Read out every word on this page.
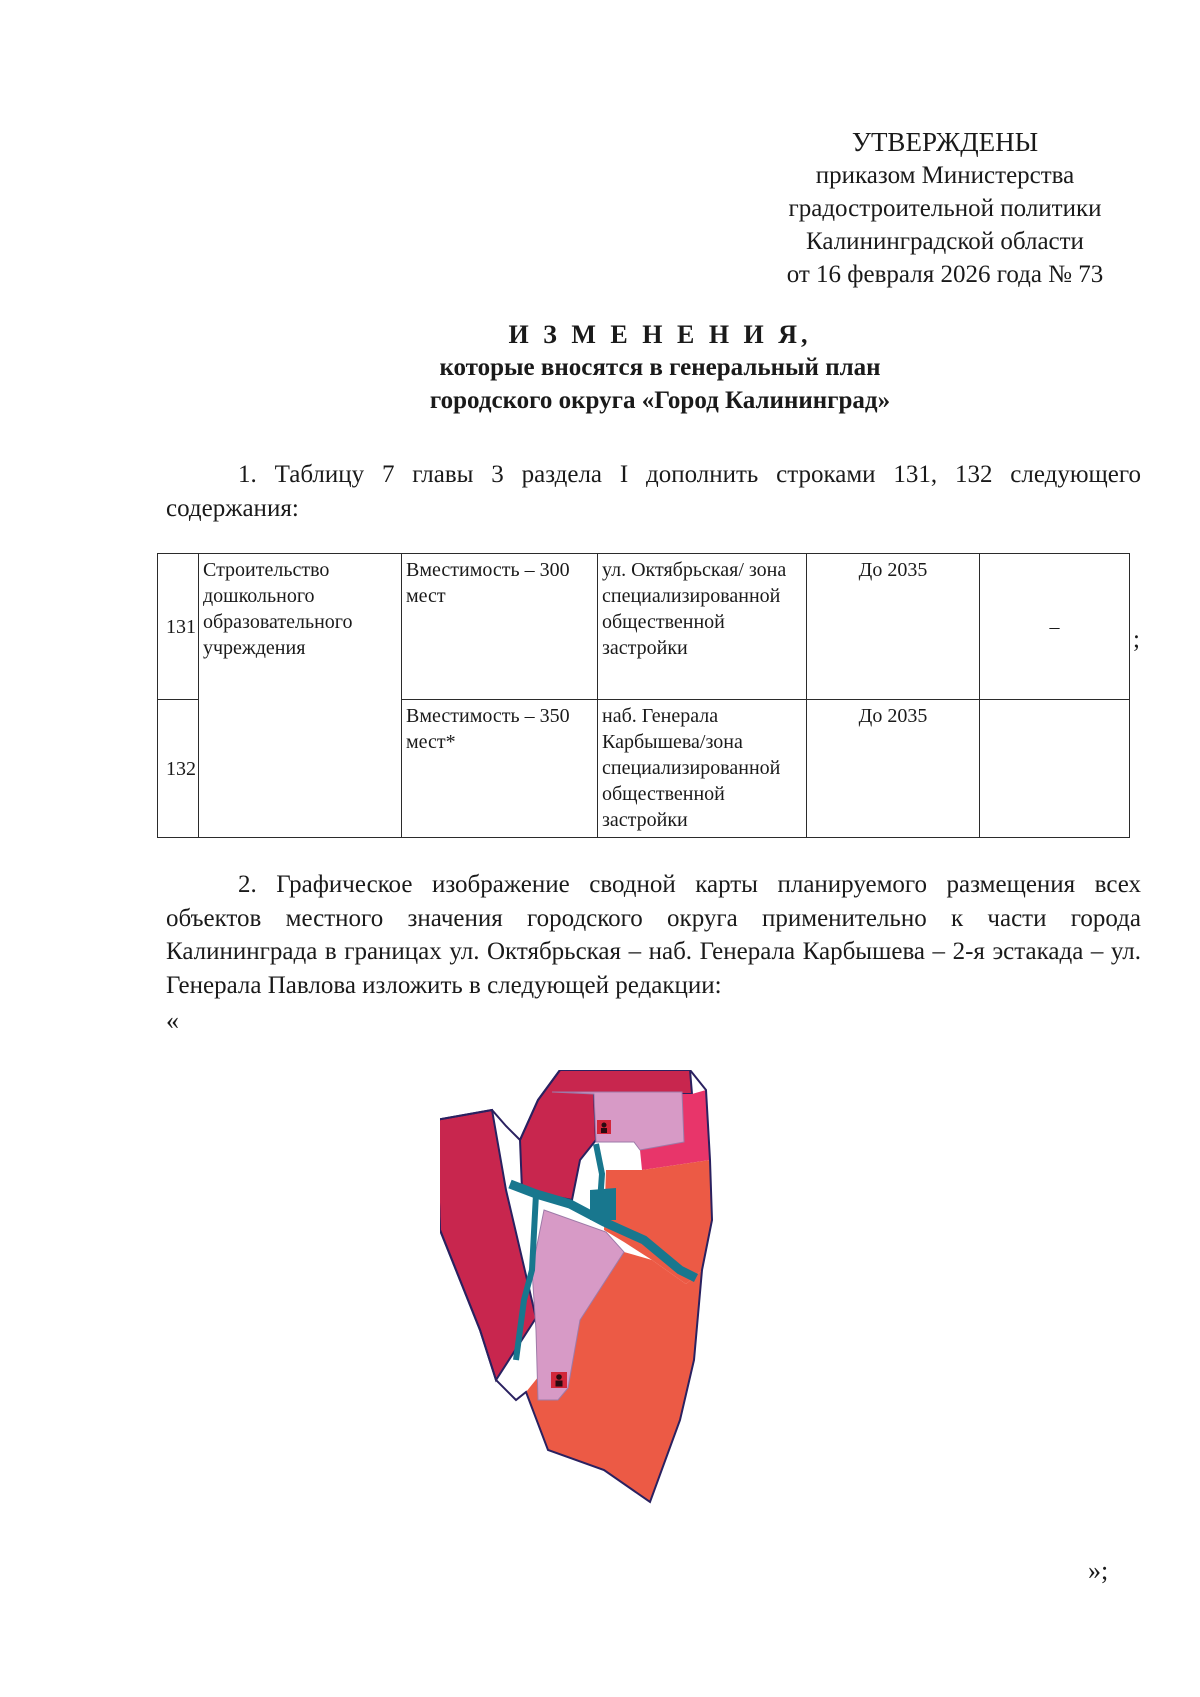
УТВЕРЖДЕНЫ
приказом Министерства
градостроительной политики
Калининградской области
от 16 февраля 2026 года № 73
И З М Е Н Е Н И Я,
которые вносятся в генеральный план
городского округа «Город Калининград»
1. Таблицу 7 главы 3 раздела I дополнить строками 131, 132 следующего содержания:
131	Строительство дошкольного образовательного учреждения	Вместимость – 300 мест	ул. Октябрьская/ зона специализированной общественной застройки	До 2035	–
132		Вместимость – 350 мест*	наб. Генерала Карбышева/зона специализированной общественной застройки	До 2035	
;
2. Графическое изображение сводной карты планируемого размещения всех объектов местного значения городского округа применительно к части города Калининграда в границах ул. Октябрьская – наб. Генерала Карбышева – 2-я эстакада – ул. Генерала Павлова изложить в следующей редакции:
«
»;
